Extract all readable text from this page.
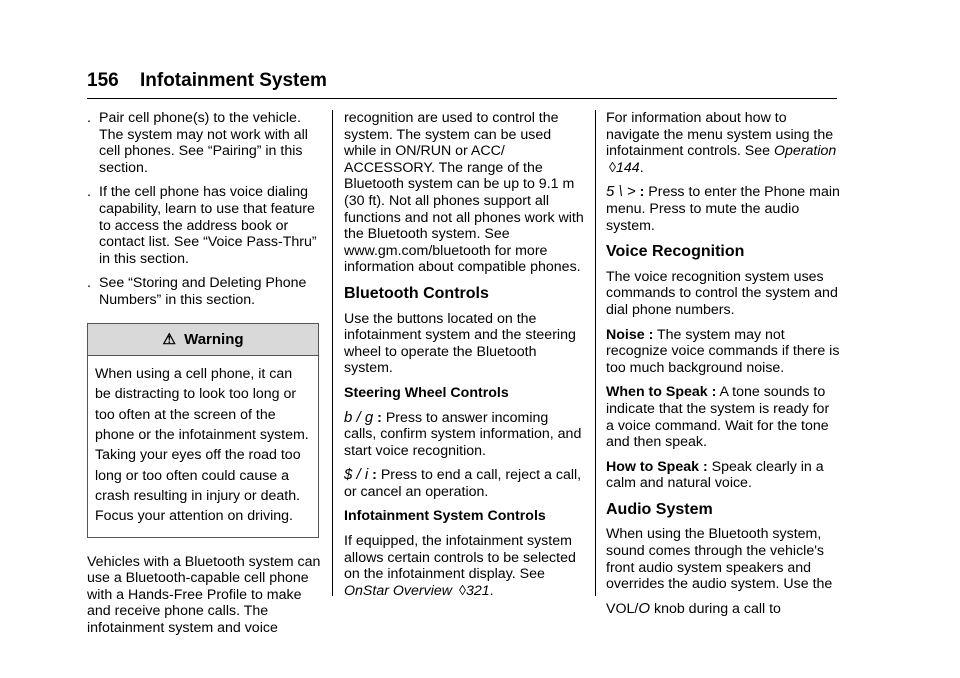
156 Infotainment System
. Pair cell phone(s) to the vehicle. The system may not work with all cell phones. See “Pairing” in this section.
. If the cell phone has voice dialing capability, learn to use that feature to access the address book or contact list. See “Voice Pass-Thru” in this section.
. See “Storing and Deleting Phone Numbers” in this section.
⚠ Warning
When using a cell phone, it can be distracting to look too long or too often at the screen of the phone or the infotainment system. Taking your eyes off the road too long or too often could cause a crash resulting in injury or death. Focus your attention on driving.

Vehicles with a Bluetooth system can use a Bluetooth-capable cell phone with a Hands-Free Profile to make and receive phone calls. The infotainment system and voice

recognition are used to control the system. The system can be used while in ON/RUN or ACC/ ACCESSORY. The range of the Bluetooth system can be up to 9.1 m (30 ft). Not all phones support all functions and not all phones work with the Bluetooth system. See www.gm.com/bluetooth for more information about compatible phones.

Bluetooth Controls

Use the buttons located on the infotainment system and the steering wheel to operate the Bluetooth system.

Steering Wheel Controls

b / g : Press to answer incoming calls, confirm system information, and start voice recognition.

$ / i : Press to end a call, reject a call, or cancel an operation.

Infotainment System Controls

If equipped, the infotainment system allows certain controls to be selected on the infotainment display. See OnStar Overview ◊321.

For information about how to navigate the menu system using the infotainment controls. See Operation ◊144.

5 \ > : Press to enter the Phone main menu. Press to mute the audio system.

Voice Recognition

The voice recognition system uses commands to control the system and dial phone numbers.

Noise : The system may not recognize voice commands if there is too much background noise.

When to Speak : A tone sounds to indicate that the system is ready for a voice command. Wait for the tone and then speak.

How to Speak : Speak clearly in a calm and natural voice.

Audio System

When using the Bluetooth system, sound comes through the vehicle's front audio system speakers and overrides the audio system. Use the

VOL/O knob during a call to
